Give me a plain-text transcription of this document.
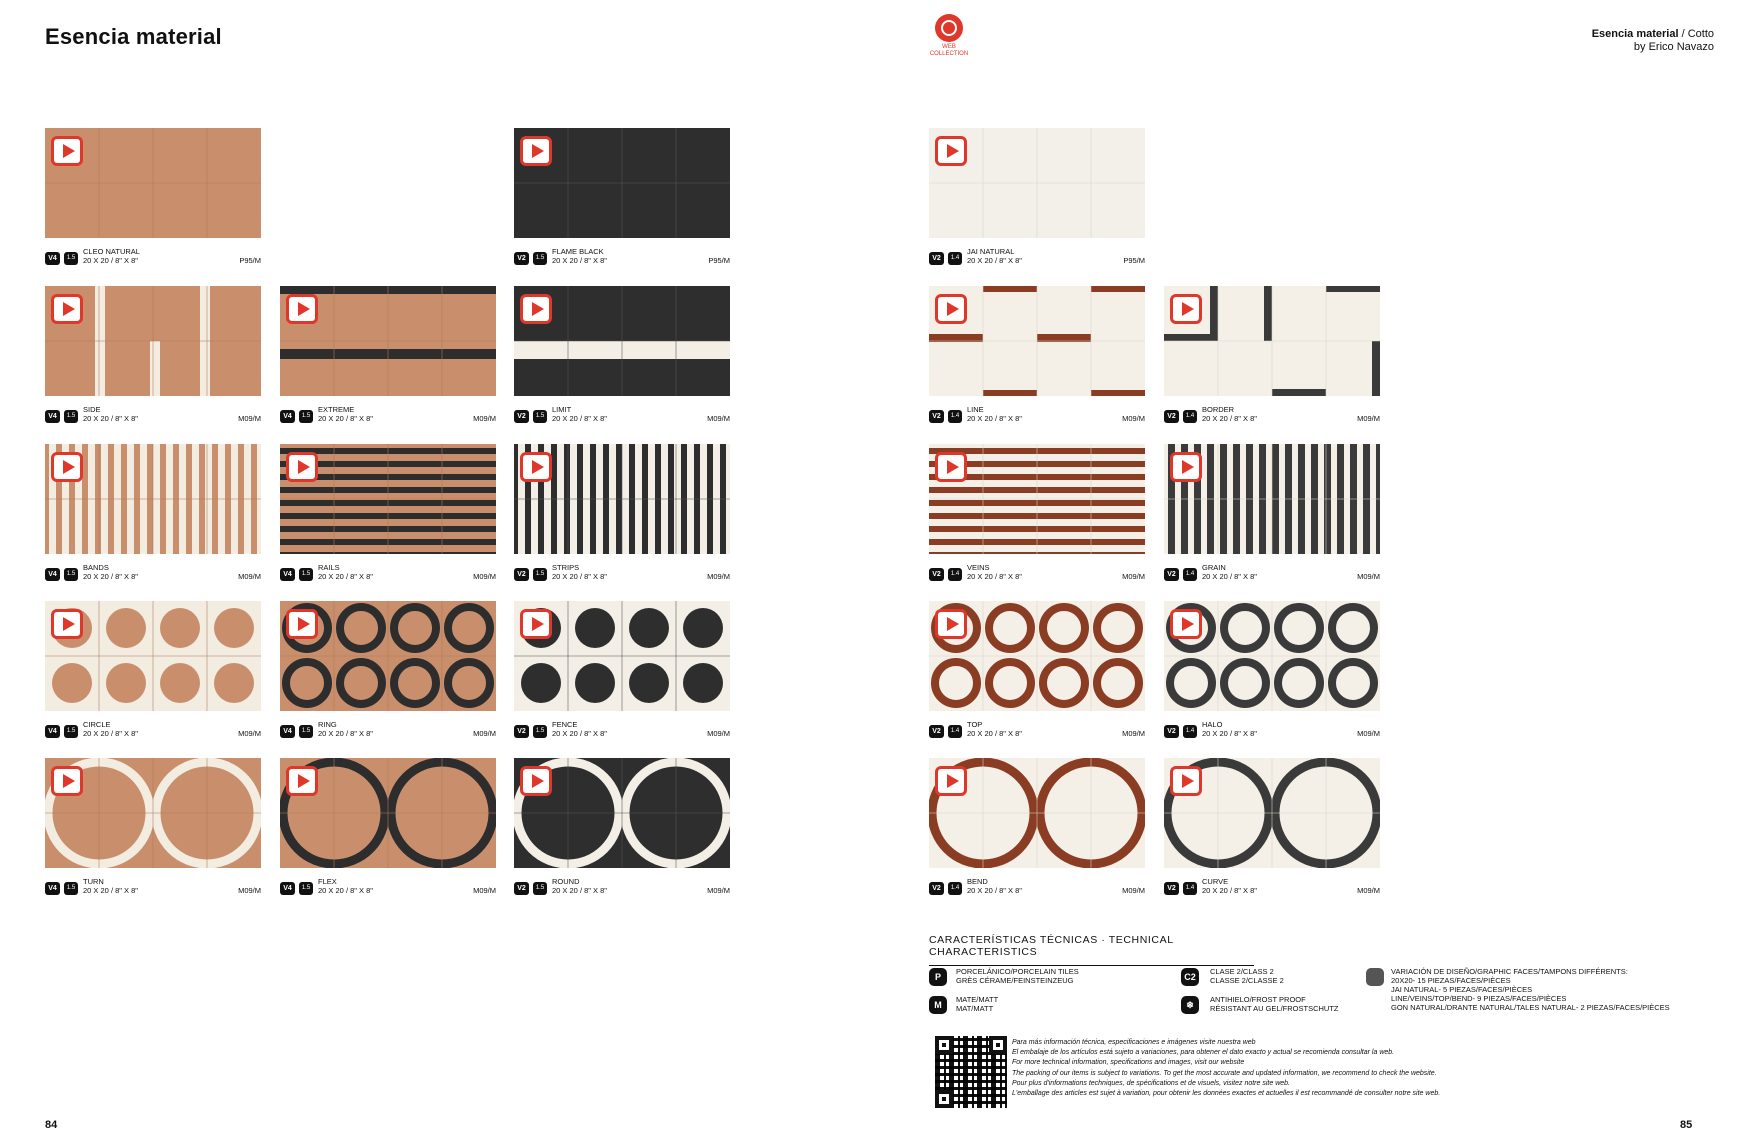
Esencia material	WEB COLLECTION
Esencia material / Cotto
by Erico Navazo
V4	1.5
CLEO NATURAL
20 X 20 / 8" X 8"	P95/M	V2	1.5
FLAME BLACK
20 X 20 / 8" X 8"	P95/M
V4	1.5
SIDE
20 X 20 / 8" X 8"	M09/M	V4	1.5
EXTREME
20 X 20 / 8" X 8"	M09/M	V2	1.5
LIMIT
20 X 20 / 8" X 8"	M09/M
V4	1.5
BANDS
20 X 20 / 8" X 8"	M09/M	V4	1.5
RAILS
20 X 20 / 8" X 8"	M09/M	V2	1.5
STRIPS
20 X 20 / 8" X 8"	M09/M
V4	1.5
CIRCLE
20 X 20 / 8" X 8"	M09/M	V4	1.5
RING
20 X 20 / 8" X 8"	M09/M	V2	1.5
FENCE
20 X 20 / 8" X 8"	M09/M
V4	1.5
TURN
20 X 20 / 8" X 8"	M09/M	V4	1.5
FLEX
20 X 20 / 8" X 8"	M09/M	V2	1.5
ROUND
20 X 20 / 8" X 8"	M09/M
V2	1.4
JAI NATURAL
20 X 20 / 8" X 8"	P95/M
V2	1.4
LINE
20 X 20 / 8" X 8"	M09/M	V2	1.4
BORDER
20 X 20 / 8" X 8"	M09/M
V2	1.4
VEINS
20 X 20 / 8" X 8"	M09/M	V2	1.4
GRAIN
20 X 20 / 8" X 8"	M09/M
V2	1.4
TOP
20 X 20 / 8" X 8"	M09/M	V2	1.4
HALO
20 X 20 / 8" X 8"	M09/M
V2	1.4
BEND
20 X 20 / 8" X 8"	M09/M	V2	1.4
CURVE
20 X 20 / 8" X 8"	M09/M
CARACTERÍSTICAS TÉCNICAS · TECHNICAL CHARACTERISTICS
P
PORCELÁNICO/PORCELAIN TILES
GRÈS CÉRAME/FEINSTEINZEUG
M
MATE/MATT
MAT/MATT
C2
CLASE 2/CLASS 2
CLASSE 2/CLASSE 2
❄
ANTIHIELO/FROST PROOF
RÉSISTANT AU GEL/FROSTSCHUTZ
VARIACIÓN DE DISEÑO/GRAPHIC FACES/TAMPONS DIFFÉRENTS:
20X20- 15 PIEZAS/FACES/PIÈCES
JAI NATURAL- 5 PIEZAS/FACES/PIÈCES
LINE/VEINS/TOP/BEND- 9 PIEZAS/FACES/PIÈCES
GON NATURAL/DRANTE NATURAL/TALES NATURAL- 2 PIEZAS/FACES/PIÈCES
Para más información técnica, especificaciones e imágenes visite nuestra web
El embalaje de los artículos está sujeto a variaciones, para obtener el dato exacto y actual se recomienda consultar la web.
For more technical information, specifications and images, visit our website
The packing of our items is subject to variations. To get the most accurate and updated information, we recommend to check the website.
Pour plus d'informations techniques, de spécifications et de visuels, visitez notre site web.
L'emballage des articles est sujet à variation, pour obtenir les données exactes et actuelles il est recommandé de consulter notre site web.
84	85
